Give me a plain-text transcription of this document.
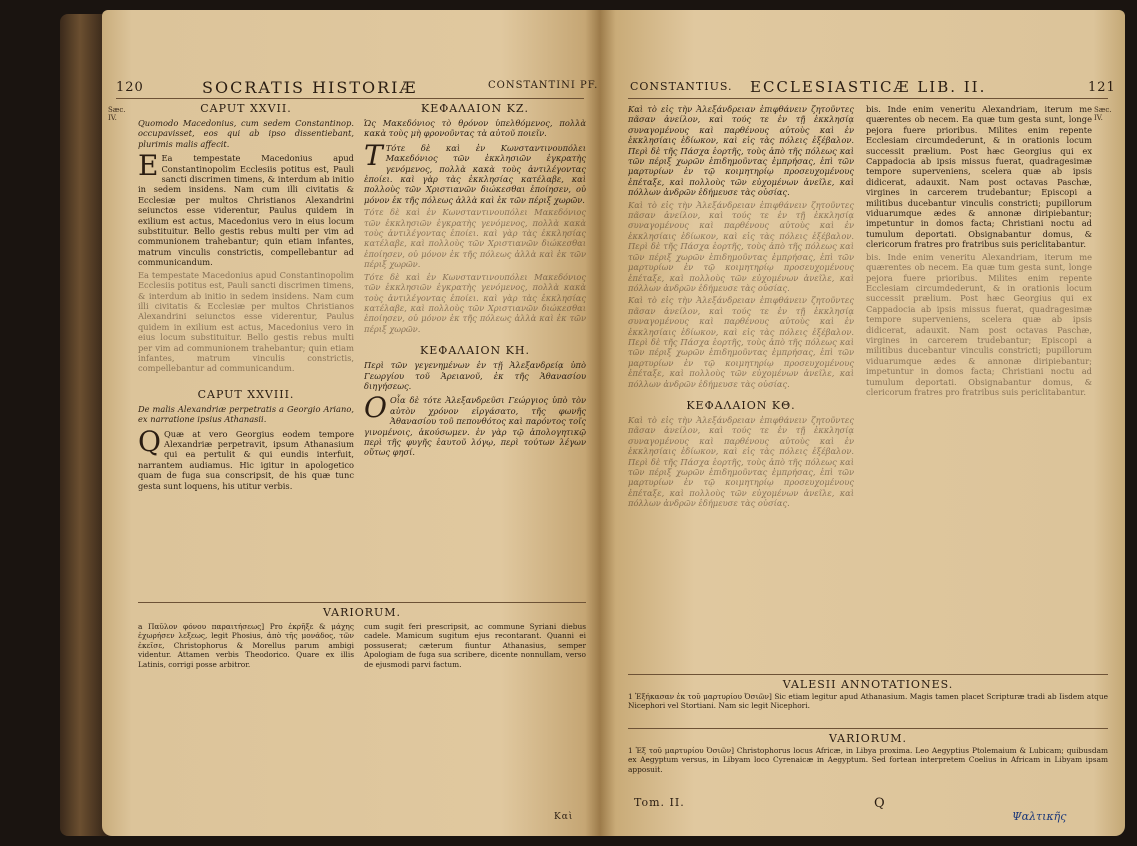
120	SOCRATIS HISTORIÆ	CONSTANTINI PF.
Sæc. IV.
CAPUT XXVII.
Quomodo Macedonius, cum sedem Constantinop. occupavisset, eos qui ab ipso dissentiebant, plurimis malis affecit.
E Ea tempestate Macedonius apud Constantinopolim Ecclesiis potitus est, Pauli sancti discrimen timens, & interdum ab initio in sedem insidens. Nam cum illi civitatis & Ecclesiæ per multos Christianos Alexandrini seiunctos esse viderentur, Paulus quidem in exilium est actus, Macedonius vero in eius locum substituitur. Bello gestis rebus multi per vim ad communionem trahebantur; quin etiam infantes, matrum vinculis constrictis, compellebantur ad communicandum.
Ea tempestate Macedonius apud Constantinopolim Ecclesiis potitus est, Pauli sancti discrimen timens, & interdum ab initio in sedem insidens. Nam cum illi civitatis & Ecclesiæ per multos Christianos Alexandrini seiunctos esse viderentur, Paulus quidem in exilium est actus, Macedonius vero in eius locum substituitur. Bello gestis rebus multi per vim ad communionem trahebantur; quin etiam infantes, matrum vinculis constrictis, compellebantur ad communicandum.
CAPUT XXVIII.
De malis Alexandriæ perpetratis a Georgio Ariano, ex narratione ipsius Athanasii.
Q Quæ at vero Georgius eodem tempore Alexandriæ perpetravit, ipsum Athanasium qui ea pertulit & qui eundis interfuit, narrantem audiamus. Hic igitur in apologetico quam de fuga sua conscripsit, de his quæ tunc gesta sunt loquens, his utitur verbis.
ΚΕΦΑΛΑΙΟΝ ΚΖ.
Ὡς Μακεδόνιος τὸ θρόνον ὑπελθόμενος, πολλὰ κακὰ τοὺς μὴ φρονοῦντας τὰ αὐτοῦ ποιεῖν.
T Τότε δὲ καὶ ἐν Κωνσταντινουπόλει Μακεδόνιος τῶν ἐκκλησιῶν ἐγκρατὴς γενόμενος, πολλὰ κακὰ τοὺς ἀντιλέγοντας ἐποίει. καὶ γὰρ τὰς ἐκκλησίας κατέλαβε, καὶ πολλοὺς τῶν Χριστιανῶν διώκεσθαι ἐποίησεν, οὐ μόνον ἐκ τῆς πόλεως ἀλλὰ καὶ ἐκ τῶν πέριξ χωρῶν.
Τότε δὲ καὶ ἐν Κωνσταντινουπόλει Μακεδόνιος τῶν ἐκκλησιῶν ἐγκρατὴς γενόμενος, πολλὰ κακὰ τοὺς ἀντιλέγοντας ἐποίει. καὶ γὰρ τὰς ἐκκλησίας κατέλαβε, καὶ πολλοὺς τῶν Χριστιανῶν διώκεσθαι ἐποίησεν, οὐ μόνον ἐκ τῆς πόλεως ἀλλὰ καὶ ἐκ τῶν πέριξ χωρῶν.
Τότε δὲ καὶ ἐν Κωνσταντινουπόλει Μακεδόνιος τῶν ἐκκλησιῶν ἐγκρατὴς γενόμενος, πολλὰ κακὰ τοὺς ἀντιλέγοντας ἐποίει. καὶ γὰρ τὰς ἐκκλησίας κατέλαβε, καὶ πολλοὺς τῶν Χριστιανῶν διώκεσθαι ἐποίησεν, οὐ μόνον ἐκ τῆς πόλεως ἀλλὰ καὶ ἐκ τῶν πέριξ χωρῶν.
ΚΕΦΑΛΑΙΟΝ ΚΗ.
Περὶ τῶν γεγενημένων ἐν τῇ Ἀλεξανδρείᾳ ὑπὸ Γεωργίου τοῦ Ἀρειανοῦ, ἐκ τῆς Ἀθανασίου διηγήσεως.
O Οἷα δὲ τότε Ἀλεξανδρεῦσι Γεώργιος ὑπὸ τὸν αὐτὸν χρόνον εἰργάσατο, τῆς φωνῆς Ἀθανασίου τοῦ πεπονθότος καὶ παρόντος τοῖς γινομένοις, ἀκούσωμεν. ἐν γὰρ τῷ ἀπολογητικῷ περὶ τῆς φυγῆς ἑαυτοῦ λόγῳ, περὶ τούτων λέγων οὕτως φησί.
VARIORUM.
a Παῦλον φόνου παραιτήσεως] Pro ἐκρῆξε & μάχης ἐχωρήσεν λεξεως, legit Phosius, ἀπὸ τῆς μονάδος, τῶν ἐκεῖσε, Christophorus & Morellus parum ambigi videntur. Attamen verbis Theodorico. Quare ex illis Latinis, corrigi posse arbitror.
cum sugit feri prescripsit, ac commune Syriani diebus cadele. Mamicum sugitum ejus recontarant. Quanni ei possuserat; cæterum fiuntur Athanasius, semper Apologiam de fuga sua scribere, dicente nonnullam, verso de ejusmodi parvi factum.
Καὶ
CONSTANTIUS. ECCLESIASTICÆ LIB. II.	121
Sæc. IV.
Καὶ τὸ εἰς τὴν Ἀλεξάνδρειαν ἐπιφθάνειν ζητοῦντες πᾶσαν ἀνείλον, καὶ τούς τε ἐν τῇ ἐκκλησίᾳ συναγομένους καὶ παρθένους αὐτοὺς καὶ ἐν ἐκκλησίαις ἐδίωκον, καὶ εἰς τὰς πόλεις ἐξέβαλον. Περὶ δὲ τῆς Πάσχα ἑορτῆς, τοὺς ἀπὸ τῆς πόλεως καὶ τῶν πέριξ χωρῶν ἐπιδημοῦντας ἐμπρήσας, ἐπὶ τῶν μαρτυρίων ἐν τῷ κοιμητηρίῳ προσευχομένους ἐπέταξε, καὶ πολλοὺς τῶν εὐχομένων ἀνεῖλε, καὶ πόλλων ἀνδρῶν ἐδήμευσε τὰς οὐσίας.
Καὶ τὸ εἰς τὴν Ἀλεξάνδρειαν ἐπιφθάνειν ζητοῦντες πᾶσαν ἀνείλον, καὶ τούς τε ἐν τῇ ἐκκλησίᾳ συναγομένους καὶ παρθένους αὐτοὺς καὶ ἐν ἐκκλησίαις ἐδίωκον, καὶ εἰς τὰς πόλεις ἐξέβαλον. Περὶ δὲ τῆς Πάσχα ἑορτῆς, τοὺς ἀπὸ τῆς πόλεως καὶ τῶν πέριξ χωρῶν ἐπιδημοῦντας ἐμπρήσας, ἐπὶ τῶν μαρτυρίων ἐν τῷ κοιμητηρίῳ προσευχομένους ἐπέταξε, καὶ πολλοὺς τῶν εὐχομένων ἀνεῖλε, καὶ πόλλων ἀνδρῶν ἐδήμευσε τὰς οὐσίας.
Καὶ τὸ εἰς τὴν Ἀλεξάνδρειαν ἐπιφθάνειν ζητοῦντες πᾶσαν ἀνείλον, καὶ τούς τε ἐν τῇ ἐκκλησίᾳ συναγομένους καὶ παρθένους αὐτοὺς καὶ ἐν ἐκκλησίαις ἐδίωκον, καὶ εἰς τὰς πόλεις ἐξέβαλον. Περὶ δὲ τῆς Πάσχα ἑορτῆς, τοὺς ἀπὸ τῆς πόλεως καὶ τῶν πέριξ χωρῶν ἐπιδημοῦντας ἐμπρήσας, ἐπὶ τῶν μαρτυρίων ἐν τῷ κοιμητηρίῳ προσευχομένους ἐπέταξε, καὶ πολλοὺς τῶν εὐχομένων ἀνεῖλε, καὶ πόλλων ἀνδρῶν ἐδήμευσε τὰς οὐσίας.
ΚΕΦΑΛΑΙΟΝ ΚΘ.
Καὶ τὸ εἰς τὴν Ἀλεξάνδρειαν ἐπιφθάνειν ζητοῦντες πᾶσαν ἀνείλον, καὶ τούς τε ἐν τῇ ἐκκλησίᾳ συναγομένους καὶ παρθένους αὐτοὺς καὶ ἐν ἐκκλησίαις ἐδίωκον, καὶ εἰς τὰς πόλεις ἐξέβαλον. Περὶ δὲ τῆς Πάσχα ἑορτῆς, τοὺς ἀπὸ τῆς πόλεως καὶ τῶν πέριξ χωρῶν ἐπιδημοῦντας ἐμπρήσας, ἐπὶ τῶν μαρτυρίων ἐν τῷ κοιμητηρίῳ προσευχομένους ἐπέταξε, καὶ πολλοὺς τῶν εὐχομένων ἀνεῖλε, καὶ πόλλων ἀνδρῶν ἐδήμευσε τὰς οὐσίας.
bis. Inde enim veneritu Alexandriam, iterum me quærentes ob necem. Ea quæ tum gesta sunt, longe pejora fuere prioribus. Milites enim repente Ecclesiam circumdederunt, & in orationis locum successit prælium. Post hæc Georgius qui ex Cappadocia ab ipsis missus fuerat, quadragesimæ tempore superveniens, scelera quæ ab ipsis didicerat, adauxit. Nam post octavas Paschæ, virgines in carcerem trudebantur; Episcopi a militibus ducebantur vinculis constricti; pupillorum viduarumque ædes & annonæ diripiebantur; impetuntur in domos facta; Christiani noctu ad tumulum deportati. Obsignabantur domus, & clericorum fratres pro fratribus suis periclitabantur.
bis. Inde enim veneritu Alexandriam, iterum me quærentes ob necem. Ea quæ tum gesta sunt, longe pejora fuere prioribus. Milites enim repente Ecclesiam circumdederunt, & in orationis locum successit prælium. Post hæc Georgius qui ex Cappadocia ab ipsis missus fuerat, quadragesimæ tempore superveniens, scelera quæ ab ipsis didicerat, adauxit. Nam post octavas Paschæ, virgines in carcerem trudebantur; Episcopi a militibus ducebantur vinculis constricti; pupillorum viduarumque ædes & annonæ diripiebantur; impetuntur in domos facta; Christiani noctu ad tumulum deportati. Obsignabantur domus, & clericorum fratres pro fratribus suis periclitabantur.
VALESII ANNOTATIONES.
1 Ἐξήκασαν ἐκ τοῦ μαρτυρίου Ὀσιῶν] Sic etiam legitur apud Athanasium. Magis tamen placet Scripturæ tradi ab Iisdem atque Nicephori vel Stortiani. Nam sic legit Nicephori.
VARIORUM.
1 Ἐξ τοῦ μαρτυρίου Ὀσιῶν] Christophorus locus Africæ, in Libya proxima. Leo Aegyptius Ptolemaium & Lubicam; quibusdam ex Aegyptum versus, in Libyam loco Cyrenaicæ in Aegyptum. Sed fortean interpretem Coelius in Africam in Libyam ipsam apposuit.
Tom. II.	Q
Ψαλτικῆς
